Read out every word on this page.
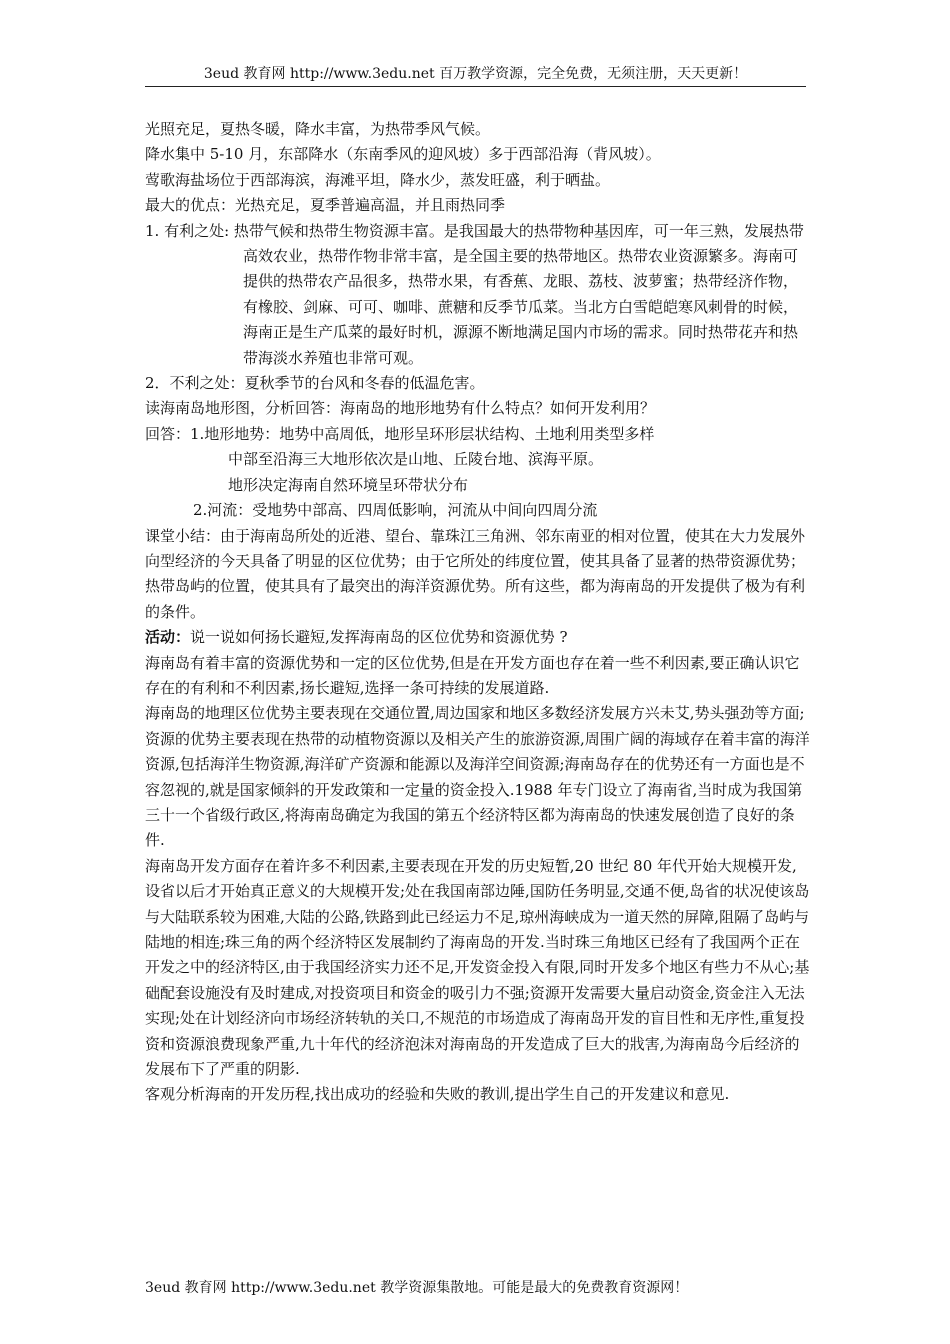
3eud 教育网 http://www.3edu.net 百万教学资源，完全免费，无须注册，天天更新！

光照充足，夏热冬暖，降水丰富，为热带季风气候。

降水集中 5-10 月，东部降水（东南季风的迎风坡）多于西部沿海（背风坡）。

莺歌海盐场位于西部海滨，海滩平坦，降水少，蒸发旺盛，利于晒盐。

最大的优点：光热充足，夏季普遍高温，并且雨热同季

1. 有利之处: 热带气候和热带生物资源丰富。是我国最大的热带物种基因库，可一年三熟，发展热带高效农业，热带作物非常丰富，是全国主要的热带地区。热带农业资源繁多。海南可提供的热带农产品很多，热带水果，有香蕉、龙眼、荔枝、波萝蜜；热带经济作物，有橡胶、剑麻、可可、咖啡、蔗糖和反季节瓜菜。当北方白雪皑皑寒风刺骨的时候，海南正是生产瓜菜的最好时机，源源不断地满足国内市场的需求。同时热带花卉和热带海淡水养殖也非常可观。

2．不利之处：夏秋季节的台风和冬春的低温危害。

读海南岛地形图，分析回答：海南岛的地形地势有什么特点？如何开发利用？

回答：1.地形地势：地势中高周低，地形呈环形层状结构、土地利用类型多样

中部至沿海三大地形依次是山地、丘陵台地、滨海平原。

地形决定海南自然环境呈环带状分布

2.河流：受地势中部高、四周低影响，河流从中间向四周分流

课堂小结：由于海南岛所处的近港、望台、靠珠江三角洲、邻东南亚的相对位置，使其在大力发展外向型经济的今天具备了明显的区位优势；由于它所处的纬度位置，使其具备了显著的热带资源优势；热带岛屿的位置，使其具有了最突出的海洋资源优势。所有这些，都为海南岛的开发提供了极为有利的条件。

活动：说一说如何扬长避短,发挥海南岛的区位优势和资源优势 ?

海南岛有着丰富的资源优势和一定的区位优势,但是在开发方面也存在着一些不利因素,要正确认识它存在的有利和不利因素,扬长避短,选择一条可持续的发展道路.

海南岛的地理区位优势主要表现在交通位置,周边国家和地区多数经济发展方兴未艾,势头强劲等方面;资源的优势主要表现在热带的动植物资源以及相关产生的旅游资源,周围广阔的海域存在着丰富的海洋资源,包括海洋生物资源,海洋矿产资源和能源以及海洋空间资源;海南岛存在的优势还有一方面也是不容忽视的,就是国家倾斜的开发政策和一定量的资金投入.1988 年专门设立了海南省,当时成为我国第三十一个省级行政区,将海南岛确定为我国的第五个经济特区都为海南岛的快速发展创造了良好的条件.

海南岛开发方面存在着许多不利因素,主要表现在开发的历史短暂,20 世纪 80 年代开始大规模开发,设省以后才开始真正意义的大规模开发;处在我国南部边陲,国防任务明显,交通不便,岛省的状况使该岛与大陆联系较为困难,大陆的公路,铁路到此已经运力不足,琼州海峡成为一道天然的屏障,阻隔了岛屿与陆地的相连;珠三角的两个经济特区发展制约了海南岛的开发.当时珠三角地区已经有了我国两个正在开发之中的经济特区,由于我国经济实力还不足,开发资金投入有限,同时开发多个地区有些力不从心;基础配套设施没有及时建成,对投资项目和资金的吸引力不强;资源开发需要大量启动资金,资金注入无法实现;处在计划经济向市场经济转轨的关口,不规范的市场造成了海南岛开发的盲目性和无序性,重复投资和资源浪费现象严重,九十年代的经济泡沫对海南岛的开发造成了巨大的戕害,为海南岛今后经济的发展布下了严重的阴影.

客观分析海南的开发历程,找出成功的经验和失败的教训,提出学生自己的开发建议和意见.

3eud 教育网 http://www.3edu.net 教学资源集散地。可能是最大的免费教育资源网！
